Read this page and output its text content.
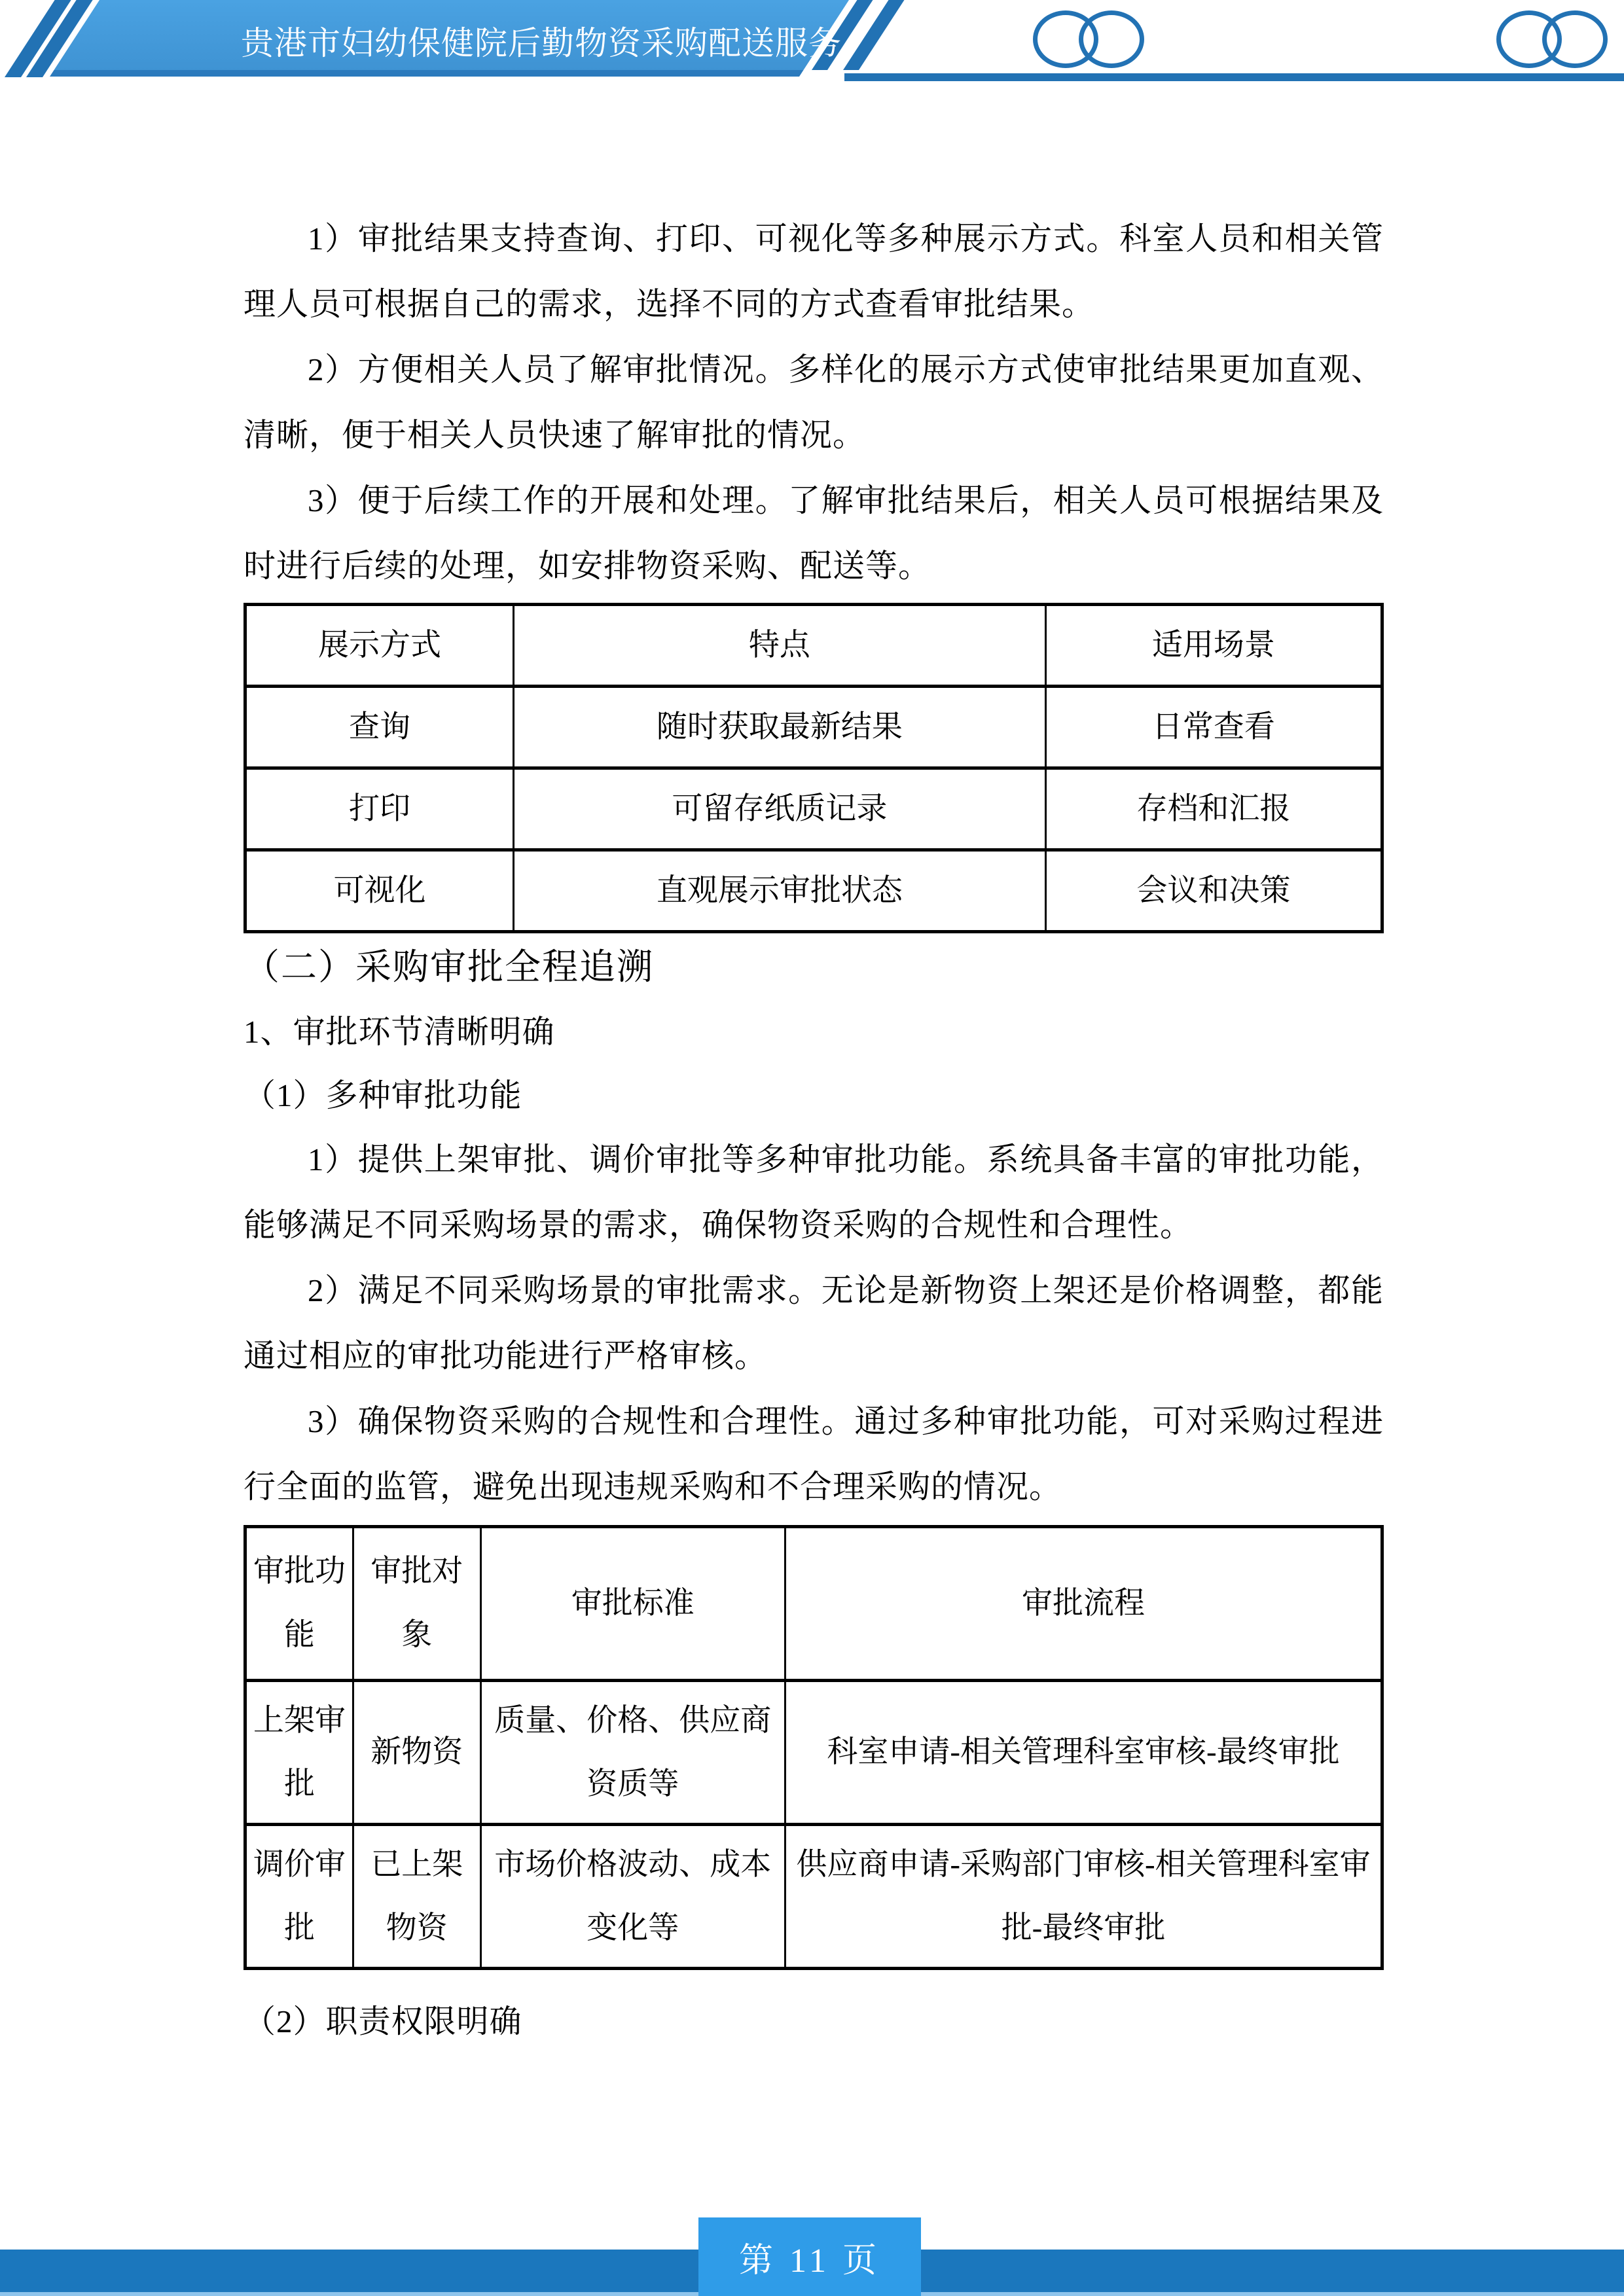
贵港市妇幼保健院后勤物资采购配送服务

1）审批结果支持查询、打印、可视化等多种展示方式。科室人员和相关管理人员可根据自己的需求，选择不同的方式查看审批结果。

2）方便相关人员了解审批情况。多样化的展示方式使审批结果更加直观、清晰，便于相关人员快速了解审批的情况。

3）便于后续工作的开展和处理。了解审批结果后，相关人员可根据结果及时进行后续的处理，如安排物资采购、配送等。

展示方式	特点	适用场景
查询	随时获取最新结果	日常查看
打印	可留存纸质记录	存档和汇报
可视化	直观展示审批状态	会议和决策
（二）采购审批全程追溯

1、审批环节清晰明确

（1）多种审批功能

1）提供上架审批、调价审批等多种审批功能。系统具备丰富的审批功能，能够满足不同采购场景的需求，确保物资采购的合规性和合理性。

2）满足不同采购场景的审批需求。无论是新物资上架还是价格调整，都能通过相应的审批功能进行严格审核。

3）确保物资采购的合规性和合理性。通过多种审批功能，可对采购过程进行全面的监管，避免出现违规采购和不合理采购的情况。

审批功能	审批对象	审批标准	审批流程
上架审批	新物资	质量、价格、供应商资质等	科室申请-相关管理科室审核-最终审批
调价审批	已上架物资	市场价格波动、成本变化等	供应商申请-采购部门审核-相关管理科室审批-最终审批

（2）职责权限明确

第 11 页
